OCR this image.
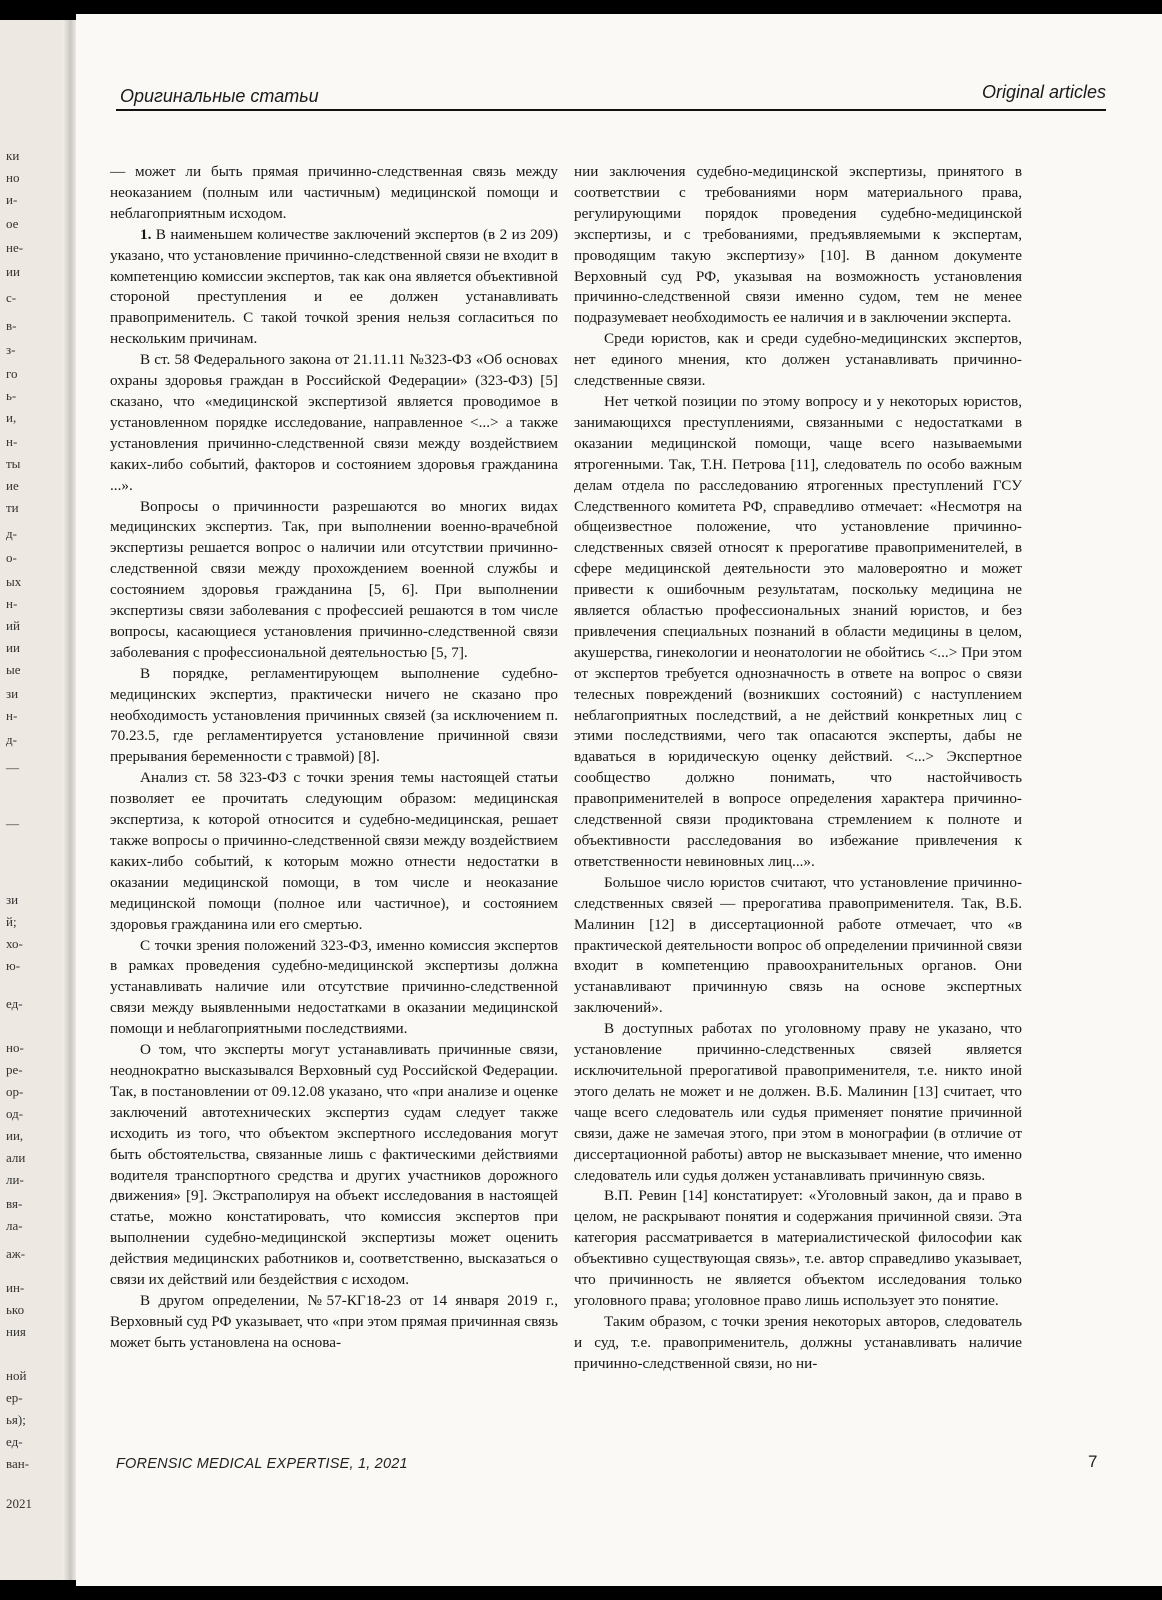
ки
но
и-
ое
не-
ии
с-
в-
з-
го
ь-
и,
н-
ты
ие
ти
д-
о-
ых
н-
ий
ии
ые
зи
н-
д-
—
—
зи
й;
хо-
ю-
ед-
но-
ре-
ор-
од-
ии,
али
ли-
вя-
ла-
аж-
ин-
ько
ния
ной
ер-
ья);
ед-
ван-
2021
Оригинальные статьи	Original articles

— может ли быть прямая причинно-следственная связь между неоказанием (полным или частичным) медицинской помощи и неблагоприятным исходом.

1. В наименьшем количестве заключений экспертов (в 2 из 209) указано, что установление причинно-следственной связи не входит в компетенцию комиссии экспертов, так как она является объективной стороной преступления и ее должен устанавливать правоприменитель. С такой точкой зрения нельзя согласиться по нескольким причинам.

В ст. 58 Федерального закона от 21.11.11 №323-ФЗ «Об основах охраны здоровья граждан в Российской Федерации» (323-ФЗ) [5] сказано, что «медицинской экспертизой является проводимое в установленном порядке исследование, направленное <...> а также установления причинно-следственной связи между воздействием каких-либо событий, факторов и состоянием здоровья гражданина ...».

Вопросы о причинности разрешаются во многих видах медицинских экспертиз. Так, при выполнении военно-врачебной экспертизы решается вопрос о наличии или отсутствии причинно-следственной связи между прохождением военной службы и состоянием здоровья гражданина [5, 6]. При выполнении экспертизы связи заболевания с профессией решаются в том числе вопросы, касающиеся установления причинно-следственной связи заболевания с профессиональной деятельностью [5, 7].

В порядке, регламентирующем выполнение судебно-медицинских экспертиз, практически ничего не сказано про необходимость установления причинных связей (за исключением п. 70.23.5, где регламентируется установление причинной связи прерывания беременности с травмой) [8].

Анализ ст. 58 323-ФЗ с точки зрения темы настоящей статьи позволяет ее прочитать следующим образом: медицинская экспертиза, к которой относится и судебно-медицинская, решает также вопросы о причинно-следственной связи между воздействием каких-либо событий, к которым можно отнести недостатки в оказании медицинской помощи, в том числе и неоказание медицинской помощи (полное или частичное), и состоянием здоровья гражданина или его смертью.

С точки зрения положений 323-ФЗ, именно комиссия экспертов в рамках проведения судебно-медицинской экспертизы должна устанавливать наличие или отсутствие причинно-следственной связи между выявленными недостатками в оказании медицинской помощи и неблагоприятными последствиями.

О том, что эксперты могут устанавливать причинные связи, неоднократно высказывался Верховный суд Российской Федерации. Так, в постановлении от 09.12.08 указано, что «при анализе и оценке заключений автотехнических экспертиз судам следует также исходить из того, что объектом экспертного исследования могут быть обстоятельства, связанные лишь с фактическими действиями водителя транспортного средства и других участников дорожного движения» [9]. Экстраполируя на объект исследования в настоящей статье, можно констатировать, что комиссия экспертов при выполнении судебно-медицинской экспертизы может оценить действия медицинских работников и, соответственно, высказаться о связи их действий или бездействия с исходом.

В другом определении, №57-КГ18-23 от 14 января 2019 г., Верховный суд РФ указывает, что «при этом прямая причинная связь может быть установлена на основа-

нии заключения судебно-медицинской экспертизы, принятого в соответствии с требованиями норм материального права, регулирующими порядок проведения судебно-медицинской экспертизы, и с требованиями, предъявляемыми к экспертам, проводящим такую экспертизу» [10]. В данном документе Верховный суд РФ, указывая на возможность установления причинно-следственной связи именно судом, тем не менее подразумевает необходимость ее наличия и в заключении эксперта.

Среди юристов, как и среди судебно-медицинских экспертов, нет единого мнения, кто должен устанавливать причинно-следственные связи.

Нет четкой позиции по этому вопросу и у некоторых юристов, занимающихся преступлениями, связанными с недостатками в оказании медицинской помощи, чаще всего называемыми ятрогенными. Так, Т.Н. Петрова [11], следователь по особо важным делам отдела по расследованию ятрогенных преступлений ГСУ Следственного комитета РФ, справедливо отмечает: «Несмотря на общеизвестное положение, что установление причинно-следственных связей относят к прерогативе правоприменителей, в сфере медицинской деятельности это маловероятно и может привести к ошибочным результатам, поскольку медицина не является областью профессиональных знаний юристов, и без привлечения специальных познаний в области медицины в целом, акушерства, гинекологии и неонатологии не обойтись <...> При этом от экспертов требуется однозначность в ответе на вопрос о связи телесных повреждений (возникших состояний) с наступлением неблагоприятных последствий, а не действий конкретных лиц с этими последствиями, чего так опасаются эксперты, дабы не вдаваться в юридическую оценку действий. <...> Экспертное сообщество должно понимать, что настойчивость правоприменителей в вопросе определения характера причинно-следственной связи продиктована стремлением к полноте и объективности расследования во избежание привлечения к ответственности невиновных лиц...».

Большое число юристов считают, что установление причинно-следственных связей — прерогатива правоприменителя. Так, В.Б. Малинин [12] в диссертационной работе отмечает, что «в практической деятельности вопрос об определении причинной связи входит в компетенцию правоохранительных органов. Они устанавливают причинную связь на основе экспертных заключений».

В доступных работах по уголовному праву не указано, что установление причинно-следственных связей является исключительной прерогативой правоприменителя, т.е. никто иной этого делать не может и не должен. В.Б. Малинин [13] считает, что чаще всего следователь или судья применяет понятие причинной связи, даже не замечая этого, при этом в монографии (в отличие от диссертационной работы) автор не высказывает мнение, что именно следователь или судья должен устанавливать причинную связь.

В.П. Ревин [14] констатирует: «Уголовный закон, да и право в целом, не раскрывают понятия и содержания причинной связи. Эта категория рассматривается в материалистической философии как объективно существующая связь», т.е. автор справедливо указывает, что причинность не является объектом исследования только уголовного права; уголовное право лишь использует это понятие.

Таким образом, с точки зрения некоторых авторов, следователь и суд, т.е. правоприменитель, должны устанавливать наличие причинно-следственной связи, но ни-

FORENSIC MEDICAL EXPERTISE, 1, 2021	7
